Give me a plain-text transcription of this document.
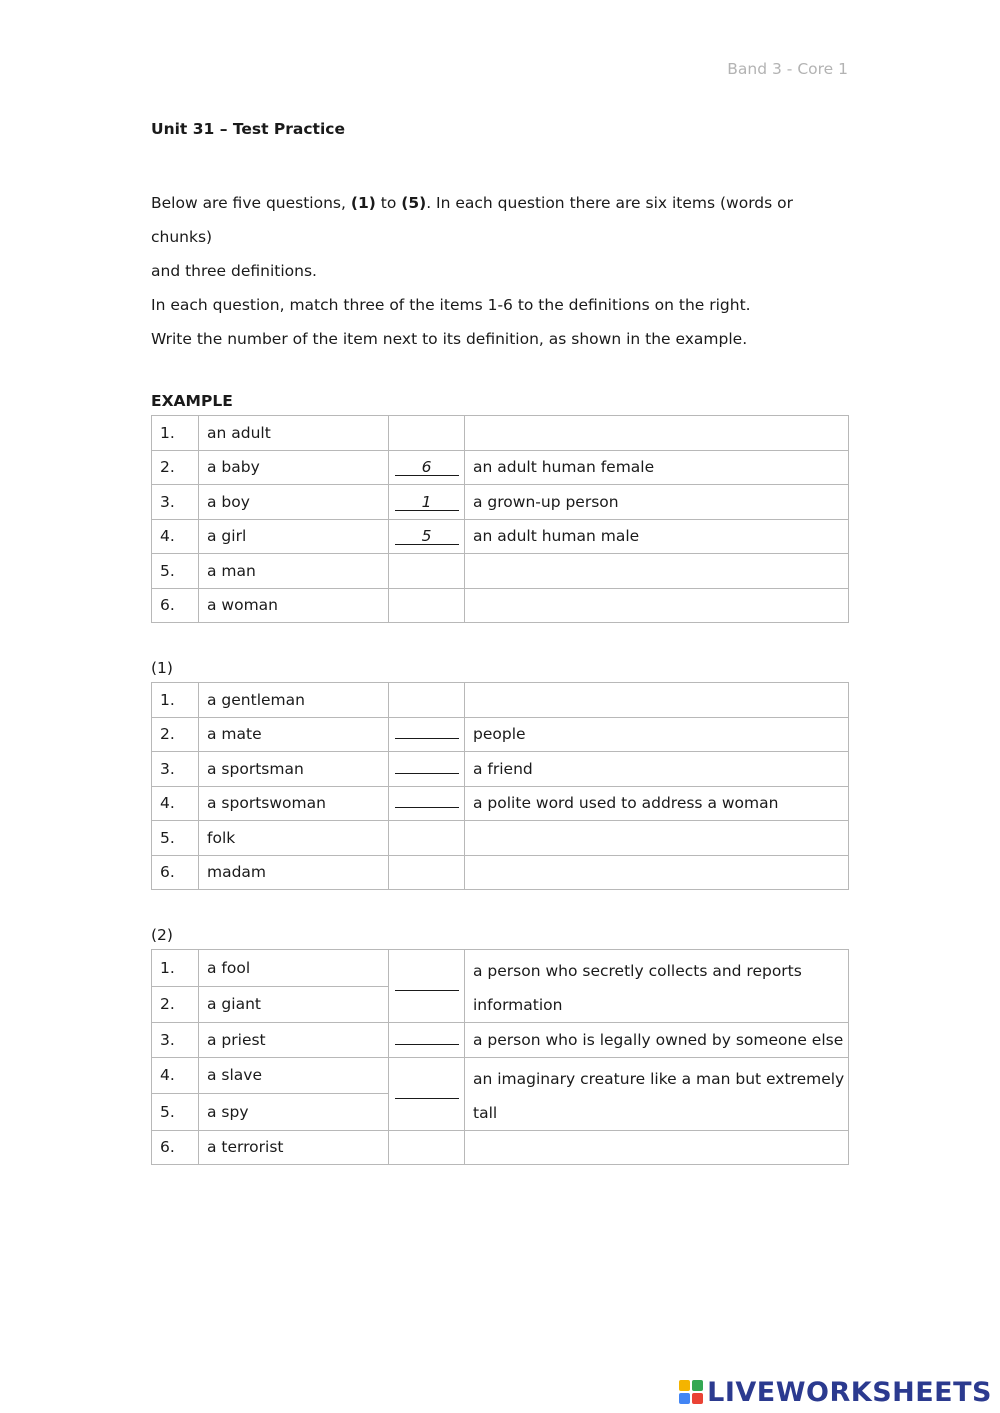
Band 3 - Core 1
Unit 31 – Test Practice

Below are five questions, (1) to (5). In each question there are six items (words or chunks)

and three definitions.

In each question, match three of the items 1-6 to the definitions on the right.

Write the number of the item next to its definition, as shown in the example.

EXAMPLE
1.	an adult		
2.	a baby	6	an adult human female
3.	a boy	1	a grown-up person
4.	a girl	5	an adult human male
5.	a man		
6.	a woman		
(1)
1.	a gentleman		
2.	a mate		people
3.	a sportsman		a friend
4.	a sportswoman		a polite word used to address a woman
5.	folk		
6.	madam		
(2)
1.	a fool		a person who secretly collects and reports
information
2.	a giant		
3.	a priest		a person who is legally owned by someone else
4.	a slave		an imaginary creature like a man but extremely
tall
5.	a spy		
6.	a terrorist		
LIVEWORKSHEETS
